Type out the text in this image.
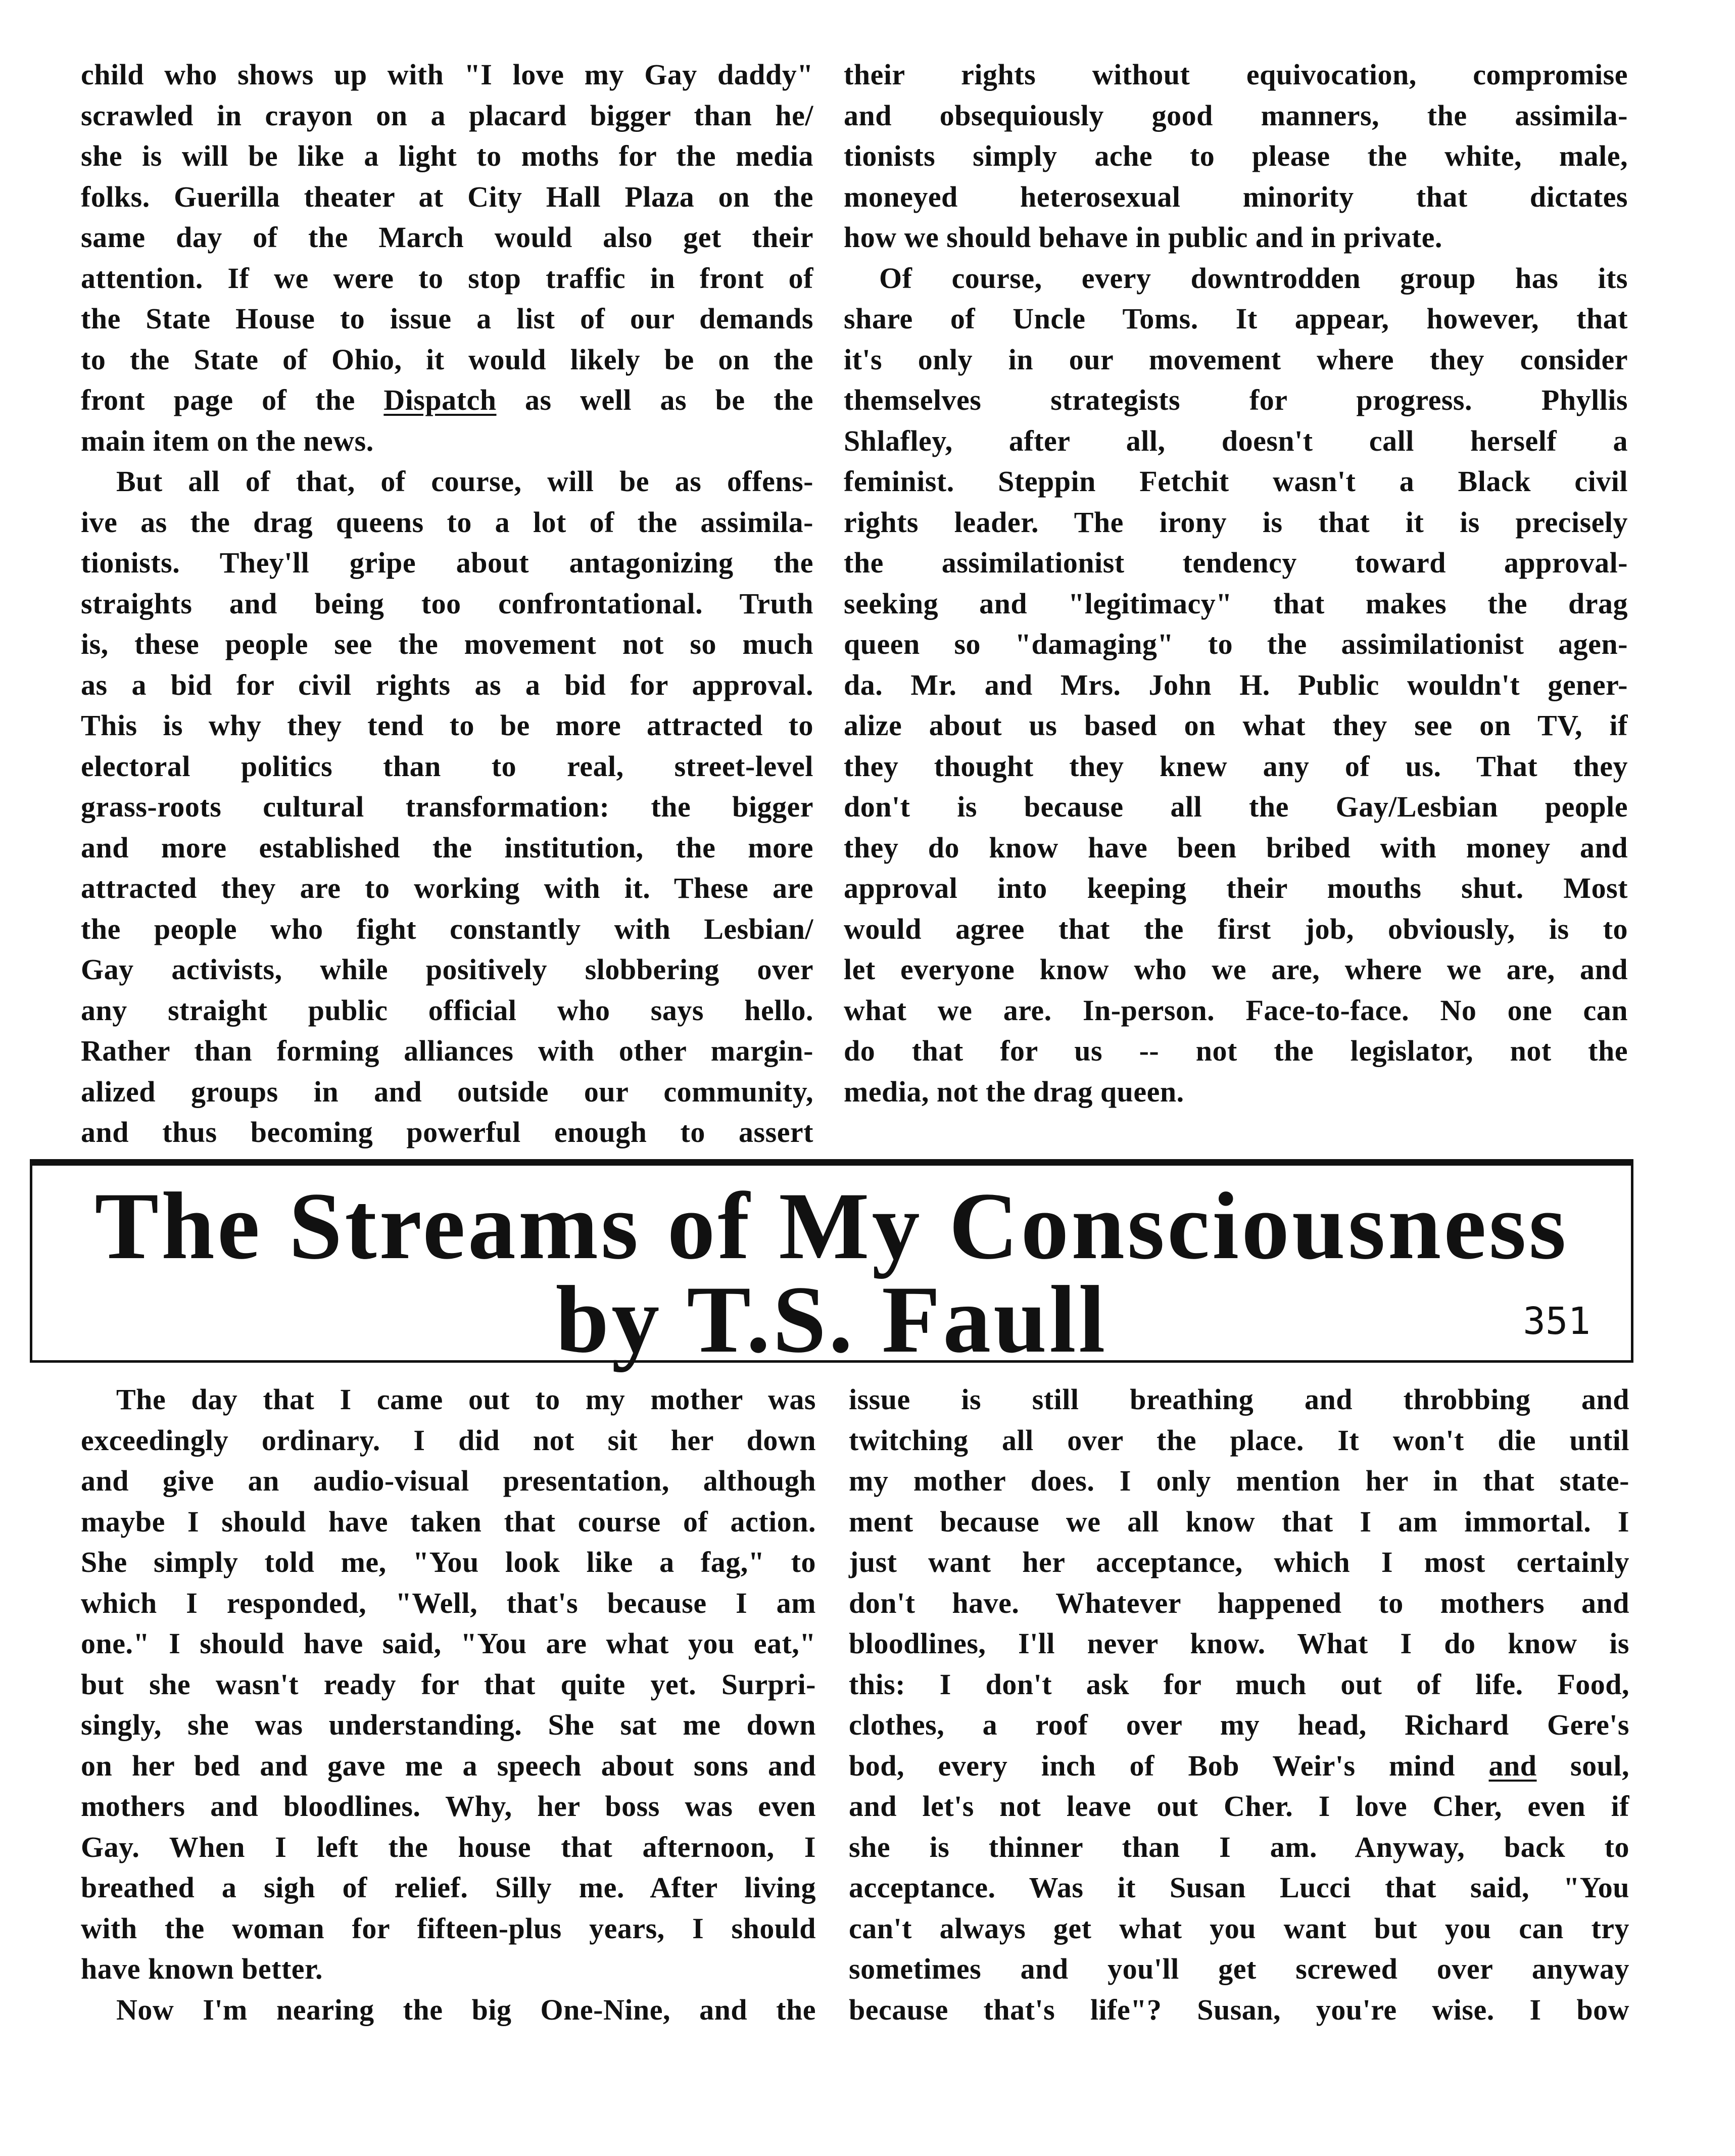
child who shows up with "I love my Gay daddy"
scrawled in crayon on a placard bigger than he/
she is will be like a light to moths for the media
folks. Guerilla theater at City Hall Plaza on the
same day of the March would also get their
attention. If we were to stop traffic in front of
the State House to issue a list of our demands
to the State of Ohio, it would likely be on the
front page of the Dispatch as well as be the
main item on the news.
But all of that, of course, will be as offens-
ive as the drag queens to a lot of the assimila-
tionists. They'll gripe about antagonizing the
straights and being too confrontational. Truth
is, these people see the movement not so much
as a bid for civil rights as a bid for approval.
This is why they tend to be more attracted to
electoral politics than to real, street-level
grass-roots cultural transformation: the bigger
and more established the institution, the more
attracted they are to working with it. These are
the people who fight constantly with Lesbian/
Gay activists, while positively slobbering over
any straight public official who says hello.
Rather than forming alliances with other margin-
alized groups in and outside our community,
and thus becoming powerful enough to assert
their rights without equivocation, compromise
and obsequiously good manners, the assimila-
tionists simply ache to please the white, male,
moneyed heterosexual minority that dictates
how we should behave in public and in private.
Of course, every downtrodden group has its
share of Uncle Toms. It appear, however, that
it's only in our movement where they consider
themselves strategists for progress. Phyllis
Shlafley, after all, doesn't call herself a
feminist. Steppin Fetchit wasn't a Black civil
rights leader. The irony is that it is precisely
the assimilationist tendency toward approval-
seeking and "legitimacy" that makes the drag
queen so "damaging" to the assimilationist agen-
da. Mr. and Mrs. John H. Public wouldn't gener-
alize about us based on what they see on TV, if
they thought they knew any of us. That they
don't is because all the Gay/Lesbian people
they do know have been bribed with money and
approval into keeping their mouths shut. Most
would agree that the first job, obviously, is to
let everyone know who we are, where we are, and
what we are. In-person. Face-to-face. No one can
do that for us -- not the legislator, not the
media, not the drag queen.
The Streams of My Consciousness
by T.S. Faull	351
The day that I came out to my mother was
exceedingly ordinary. I did not sit her down
and give an audio-visual presentation, although
maybe I should have taken that course of action.
She simply told me, "You look like a fag," to
which I responded, "Well, that's because I am
one." I should have said, "You are what you eat,"
but she wasn't ready for that quite yet. Surpri-
singly, she was understanding. She sat me down
on her bed and gave me a speech about sons and
mothers and bloodlines. Why, her boss was even
Gay. When I left the house that afternoon, I
breathed a sigh of relief. Silly me. After living
with the woman for fifteen-plus years, I should
have known better.
Now I'm nearing the big One-Nine, and the
issue is still breathing and throbbing and
twitching all over the place. It won't die until
my mother does. I only mention her in that state-
ment because we all know that I am immortal. I
just want her acceptance, which I most certainly
don't have. Whatever happened to mothers and
bloodlines, I'll never know. What I do know is
this: I don't ask for much out of life. Food,
clothes, a roof over my head, Richard Gere's
bod, every inch of Bob Weir's mind and soul,
and let's not leave out Cher. I love Cher, even if
she is thinner than I am. Anyway, back to
acceptance. Was it Susan Lucci that said, "You
can't always get what you want but you can try
sometimes and you'll get screwed over anyway
because that's life"? Susan, you're wise. I bow
